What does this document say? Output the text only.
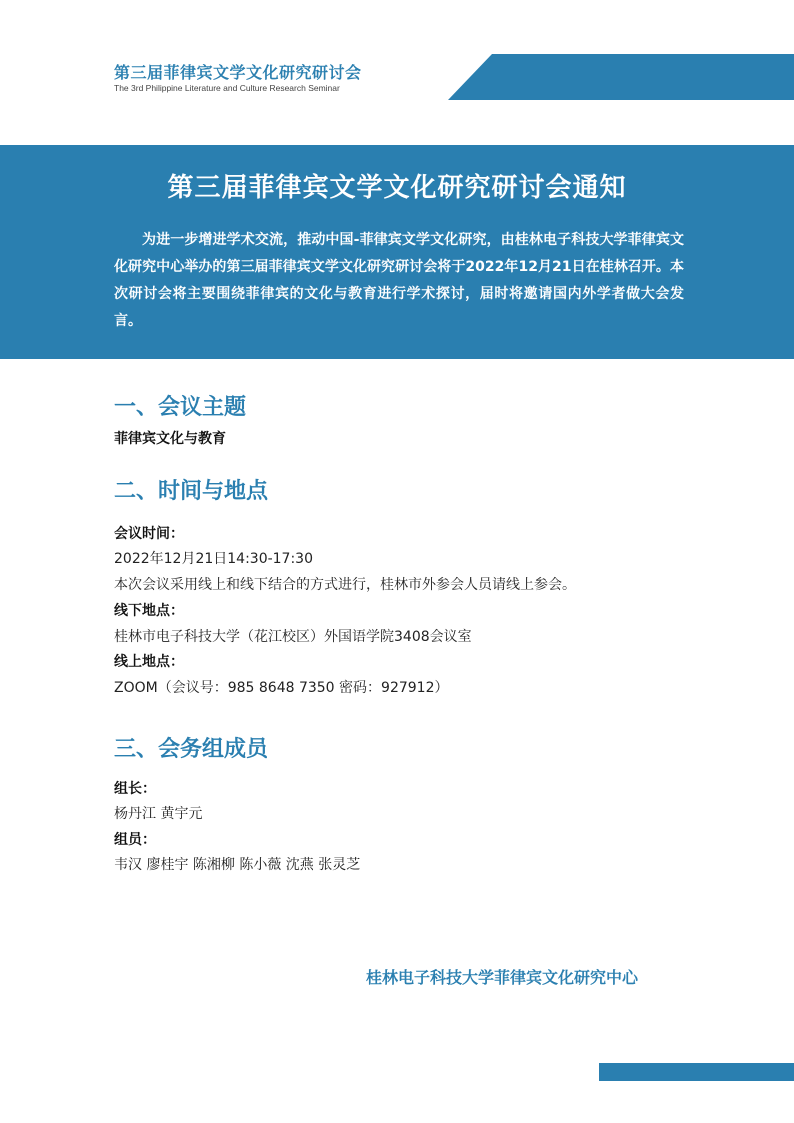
第三届菲律宾文学文化研究研讨会
The 3rd Philippine Literature and Culture Research Seminar
第三届菲律宾文学文化研究研讨会通知
为进一步增进学术交流，推动中国-菲律宾文学文化研究，由桂林电子科技大学菲律宾文化研究中心举办的第三届菲律宾文学文化研究研讨会将于2022年12月21日在桂林召开。本次研讨会将主要围绕菲律宾的文化与教育进行学术探讨，届时将邀请国内外学者做大会发言。
一、会议主题
菲律宾文化与教育
二、时间与地点
会议时间：
2022年12月21日14:30-17:30
本次会议采用线上和线下结合的方式进行，桂林市外参会人员请线上参会。
线下地点：
桂林市电子科技大学（花江校区）外国语学院3408会议室
线上地点：
ZOOM（会议号：985 8648 7350 密码：927912）
三、会务组成员
组长：
杨丹江 黄宇元
组员：
韦汉 廖桂宇 陈湘柳 陈小薇 沈燕 张灵芝
桂林电子科技大学菲律宾文化研究中心
